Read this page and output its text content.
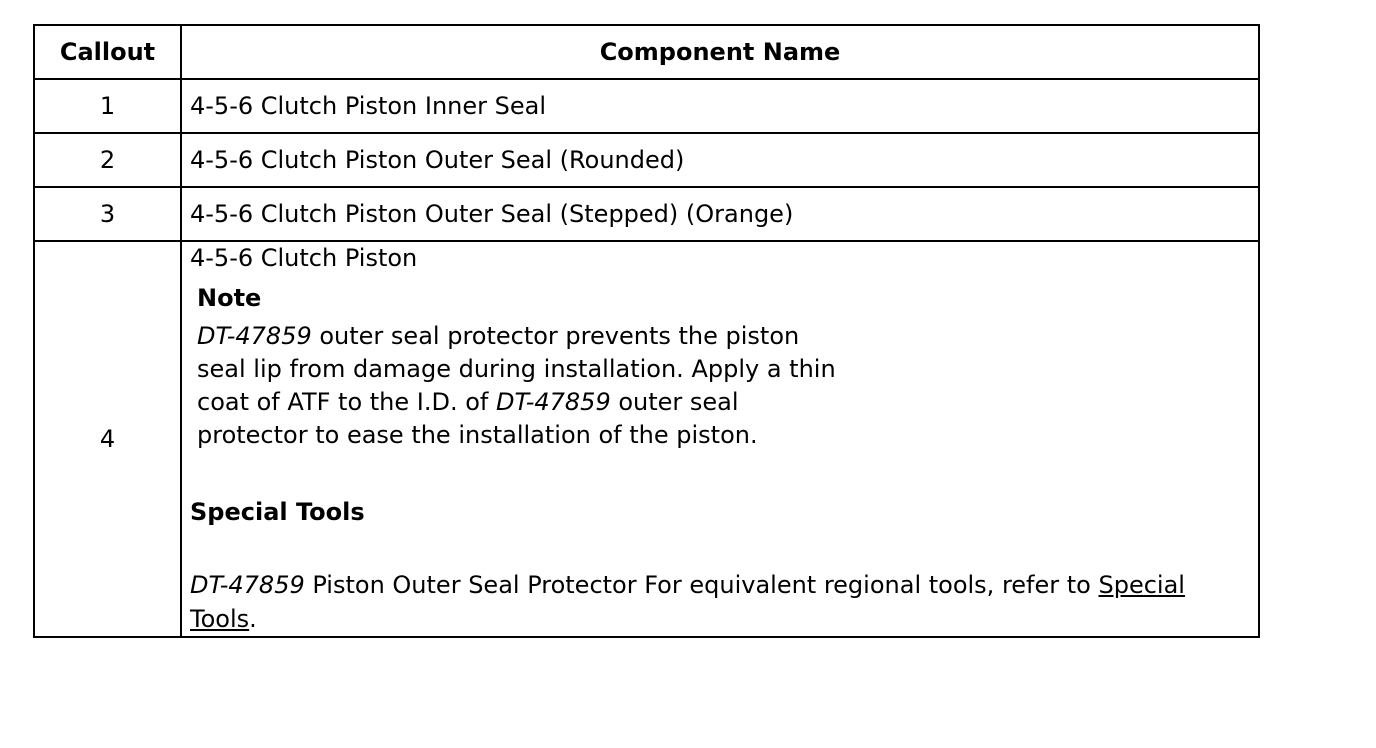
Callout	Component Name
1	4-5-6 Clutch Piston Inner Seal
2	4-5-6 Clutch Piston Outer Seal (Rounded)
3	4-5-6 Clutch Piston Outer Seal (Stepped) (Orange)
4	4-5-6 Clutch Piston
Note
DT-47859 outer seal protector prevents the piston seal lip from damage during installation. Apply a thin coat of ATF to the I.D. of DT-47859 outer seal protector to ease the installation of the piston.
Special Tools
DT-47859 Piston Outer Seal Protector For equivalent regional tools, refer to Special Tools.
